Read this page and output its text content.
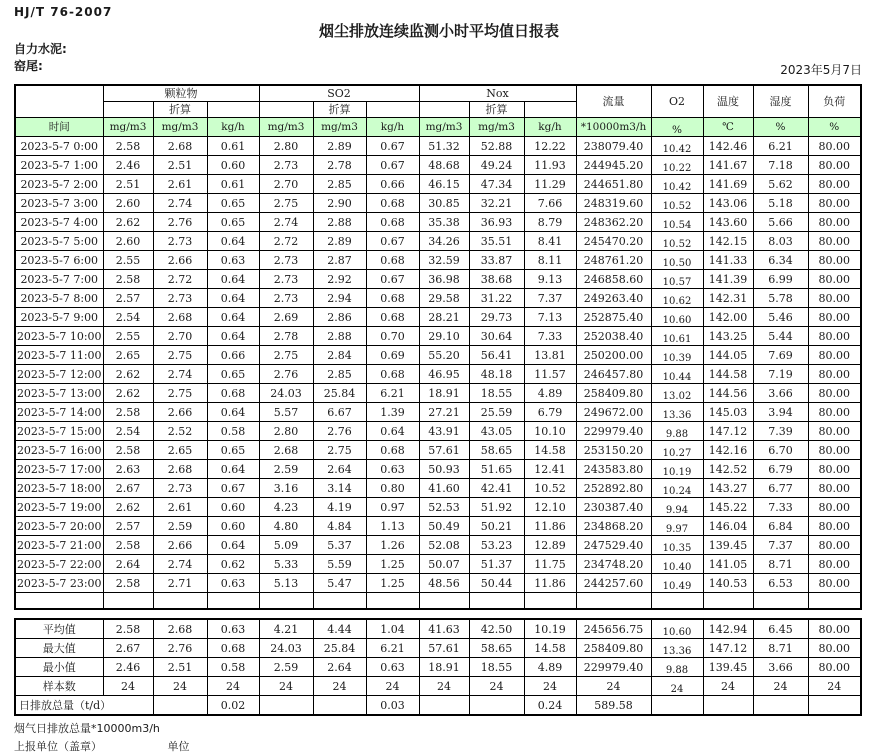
HJ/T 76-2007
烟尘排放连续监测小时平均值日报表
自力水泥:
窑尾:	2023年5月7日
	颗粒物			SO2			Nox			流量	O2	温度	湿度	负荷
		折算			折算			折算						
时间	mg/m3	mg/m3	kg/h	mg/m3	mg/m3	kg/h	mg/m3	mg/m3	kg/h	*10000m3/h	%	℃	%	%
2023-5-7 0:00	2.58	2.68	0.61	2.80	2.89	0.67	51.32	52.88	12.22	238079.40	10.42	142.46	6.21	80.00
2023-5-7 1:00	2.46	2.51	0.60	2.73	2.78	0.67	48.68	49.24	11.93	244945.20	10.22	141.67	7.18	80.00
2023-5-7 2:00	2.51	2.61	0.61	2.70	2.85	0.66	46.15	47.34	11.29	244651.80	10.42	141.69	5.62	80.00
2023-5-7 3:00	2.60	2.74	0.65	2.75	2.90	0.68	30.85	32.21	7.66	248319.60	10.52	143.06	5.18	80.00
2023-5-7 4:00	2.62	2.76	0.65	2.74	2.88	0.68	35.38	36.93	8.79	248362.20	10.54	143.60	5.66	80.00
2023-5-7 5:00	2.60	2.73	0.64	2.72	2.89	0.67	34.26	35.51	8.41	245470.20	10.52	142.15	8.03	80.00
2023-5-7 6:00	2.55	2.66	0.63	2.73	2.87	0.68	32.59	33.87	8.11	248761.20	10.50	141.33	6.34	80.00
2023-5-7 7:00	2.58	2.72	0.64	2.73	2.92	0.67	36.98	38.68	9.13	246858.60	10.57	141.39	6.99	80.00
2023-5-7 8:00	2.57	2.73	0.64	2.73	2.94	0.68	29.58	31.22	7.37	249263.40	10.62	142.31	5.78	80.00
2023-5-7 9:00	2.54	2.68	0.64	2.69	2.86	0.68	28.21	29.73	7.13	252875.40	10.60	142.00	5.46	80.00
2023-5-7 10:00	2.55	2.70	0.64	2.78	2.88	0.70	29.10	30.64	7.33	252038.40	10.61	143.25	5.44	80.00
2023-5-7 11:00	2.65	2.75	0.66	2.75	2.84	0.69	55.20	56.41	13.81	250200.00	10.39	144.05	7.69	80.00
2023-5-7 12:00	2.62	2.74	0.65	2.76	2.85	0.68	46.95	48.18	11.57	246457.80	10.44	144.58	7.19	80.00
2023-5-7 13:00	2.62	2.75	0.68	24.03	25.84	6.21	18.91	18.55	4.89	258409.80	13.02	144.56	3.66	80.00
2023-5-7 14:00	2.58	2.66	0.64	5.57	6.67	1.39	27.21	25.59	6.79	249672.00	13.36	145.03	3.94	80.00
2023-5-7 15:00	2.54	2.52	0.58	2.80	2.76	0.64	43.91	43.05	10.10	229979.40	9.88	147.12	7.39	80.00
2023-5-7 16:00	2.58	2.65	0.65	2.68	2.75	0.68	57.61	58.65	14.58	253150.20	10.27	142.16	6.70	80.00
2023-5-7 17:00	2.63	2.68	0.64	2.59	2.64	0.63	50.93	51.65	12.41	243583.80	10.19	142.52	6.79	80.00
2023-5-7 18:00	2.67	2.73	0.67	3.16	3.14	0.80	41.60	42.41	10.52	252892.80	10.24	143.27	6.77	80.00
2023-5-7 19:00	2.62	2.61	0.60	4.23	4.19	0.97	52.53	51.92	12.10	230387.40	9.94	145.22	7.33	80.00
2023-5-7 20:00	2.57	2.59	0.60	4.80	4.84	1.13	50.49	50.21	11.86	234868.20	9.97	146.04	6.84	80.00
2023-5-7 21:00	2.58	2.66	0.64	5.09	5.37	1.26	52.08	53.23	12.89	247529.40	10.35	139.45	7.37	80.00
2023-5-7 22:00	2.64	2.74	0.62	5.33	5.59	1.25	50.07	51.37	11.75	234748.20	10.40	141.05	8.71	80.00
2023-5-7 23:00	2.58	2.71	0.63	5.13	5.47	1.25	48.56	50.44	11.86	244257.60	10.49	140.53	6.53	80.00

平均值	2.58	2.68	0.63	4.21	4.44	1.04	41.63	42.50	10.19	245656.75	10.60	142.94	6.45	80.00
最大值	2.67	2.76	0.68	24.03	25.84	6.21	57.61	58.65	14.58	258409.80	13.36	147.12	8.71	80.00
最小值	2.46	2.51	0.58	2.59	2.64	0.63	18.91	18.55	4.89	229979.40	9.88	139.45	3.66	80.00
样本数	24	24	24	24	24	24	24	24	24	24	24	24	24	24
日排放总量（t/d）			0.02			0.03			0.24	589.58				
烟气日排放总量*10000m3/h
上报单位（盖章）	单位
